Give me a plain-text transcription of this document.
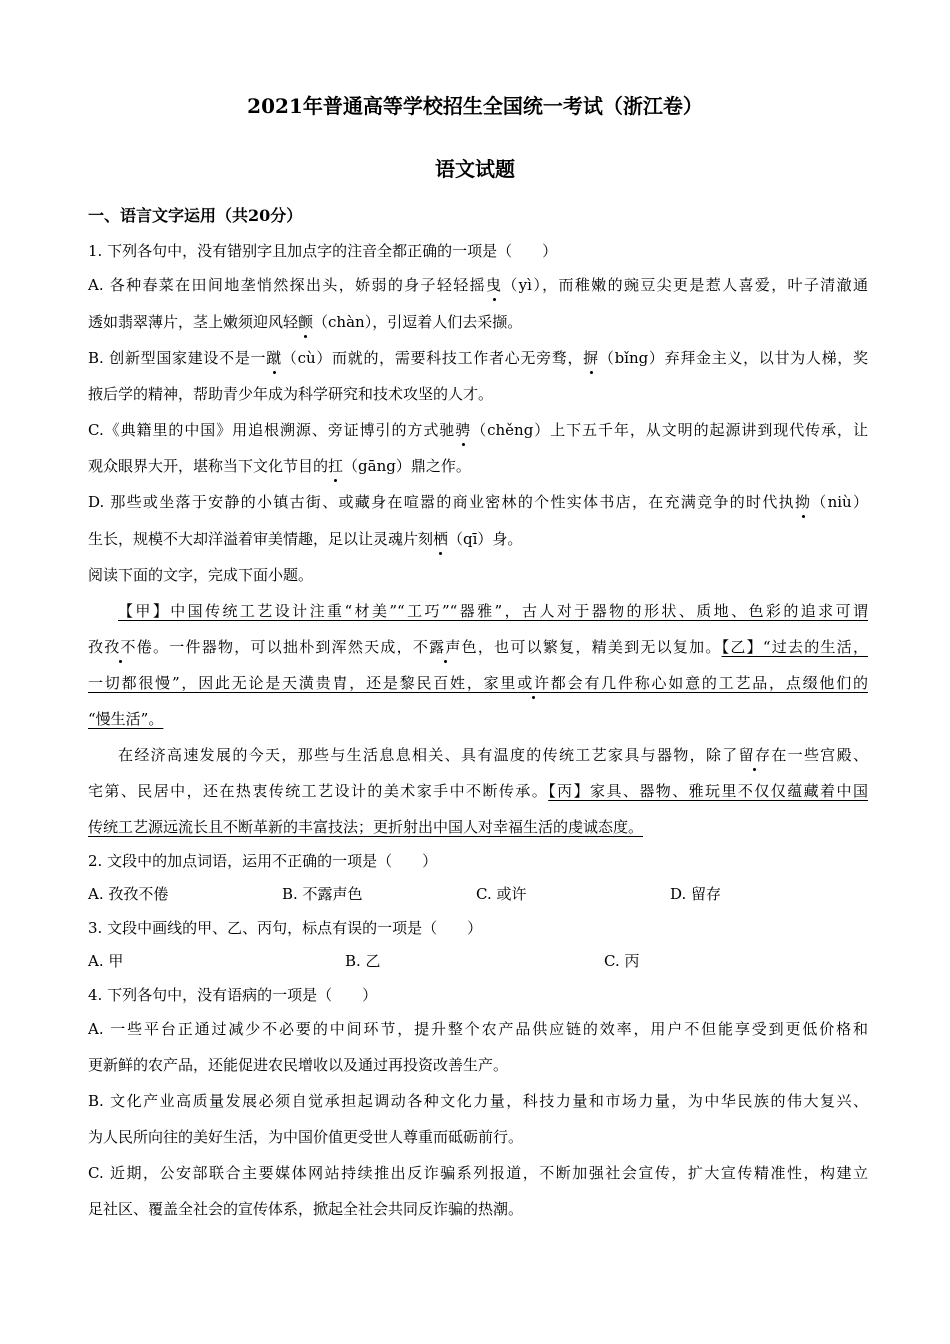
2021年普通高等学校招生全国统一考试（浙江卷）
语文试题
一、语言文字运用（共20分）
1. 下列各句中，没有错别字且加点字的注音全都正确的一项是（　　）
A. 各种春菜在田间地垄悄然探出头，娇弱的身子轻轻摇曳（yì），而稚嫩的豌豆尖更是惹人喜爱，叶子清澈通
透如翡翠薄片，茎上嫩须迎风轻颤（chàn），引逗着人们去采撷。
B. 创新型国家建设不是一蹴（cù）而就的，需要科技工作者心无旁骛，摒（bǐng）弃拜金主义，以甘为人梯，奖
掖后学的精神，帮助青少年成为科学研究和技术攻坚的人才。
C.《典籍里的中国》用追根溯源、旁证博引的方式驰骋（chěng）上下五千年，从文明的起源讲到现代传承，让
观众眼界大开，堪称当下文化节目的扛（gāng）鼎之作。
D. 那些或坐落于安静的小镇古街、或藏身在喧嚣的商业密林的个性实体书店，在充满竞争的时代执拗（niù）
生长，规模不大却洋溢着审美情趣，足以让灵魂片刻栖（qī）身。
阅读下面的文字，完成下面小题。
【甲】中国传统工艺设计注重“材美”“工巧”“器雅”，古人对于器物的形状、质地、色彩的追求可谓
孜孜不倦。一件器物，可以拙朴到浑然天成，不露声色，也可以繁复，精美到无以复加。【乙】“过去的生活，
一切都很慢”，因此无论是天潢贵胄，还是黎民百姓，家里或许都会有几件称心如意的工艺品，点缀他们的
“慢生活”。
在经济高速发展的今天，那些与生活息息相关、具有温度的传统工艺家具与器物，除了留存在一些宫殿、
宅第、民居中，还在热衷传统工艺设计的美术家手中不断传承。【丙】家具、器物、雅玩里不仅仅蕴藏着中国
传统工艺源远流长且不断革新的丰富技法；更折射出中国人对幸福生活的虔诚态度。
2. 文段中的加点词语，运用不正确的一项是（　　）
A. 孜孜不倦	B. 不露声色	C. 或许	D. 留存
3. 文段中画线的甲、乙、丙句，标点有误的一项是（　　）
A. 甲	B. 乙	C. 丙
4. 下列各句中，没有语病的一项是（　　）
A. 一些平台正通过减少不必要的中间环节，提升整个农产品供应链的效率，用户不但能享受到更低价格和
更新鲜的农产品，还能促进农民增收以及通过再投资改善生产。
B. 文化产业高质量发展必须自觉承担起调动各种文化力量，科技力量和市场力量，为中华民族的伟大复兴、
为人民所向往的美好生活，为中国价值更受世人尊重而砥砺前行。
C. 近期，公安部联合主要媒体网站持续推出反诈骗系列报道，不断加强社会宣传，扩大宣传精准性，构建立
足社区、覆盖全社会的宣传体系，掀起全社会共同反诈骗的热潮。
